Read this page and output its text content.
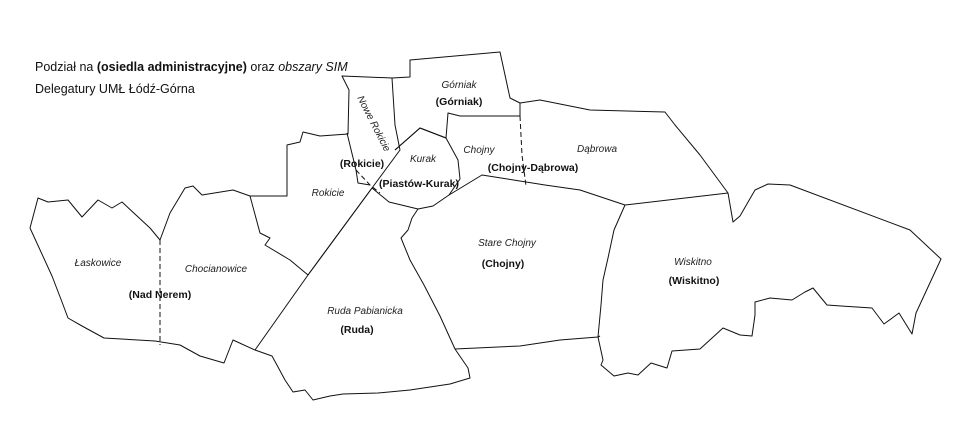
Podział na (osiedla administracyjne) oraz obszary SIM
Delegatury UMŁ Łódź-Górna
Łaskowice
Chocianowice
Rokicie
Nowe Rokicie
Górniak
Kurak
Chojny	Dąbrowa
Stare Chojny
Ruda Pabianicka
Wiskitno
(Nad Nerem)
(Rokicie)
(Górniak)
(Piastów-Kurak)
(Chojny-Dąbrowa)
(Chojny)
(Ruda)
(Wiskitno)
